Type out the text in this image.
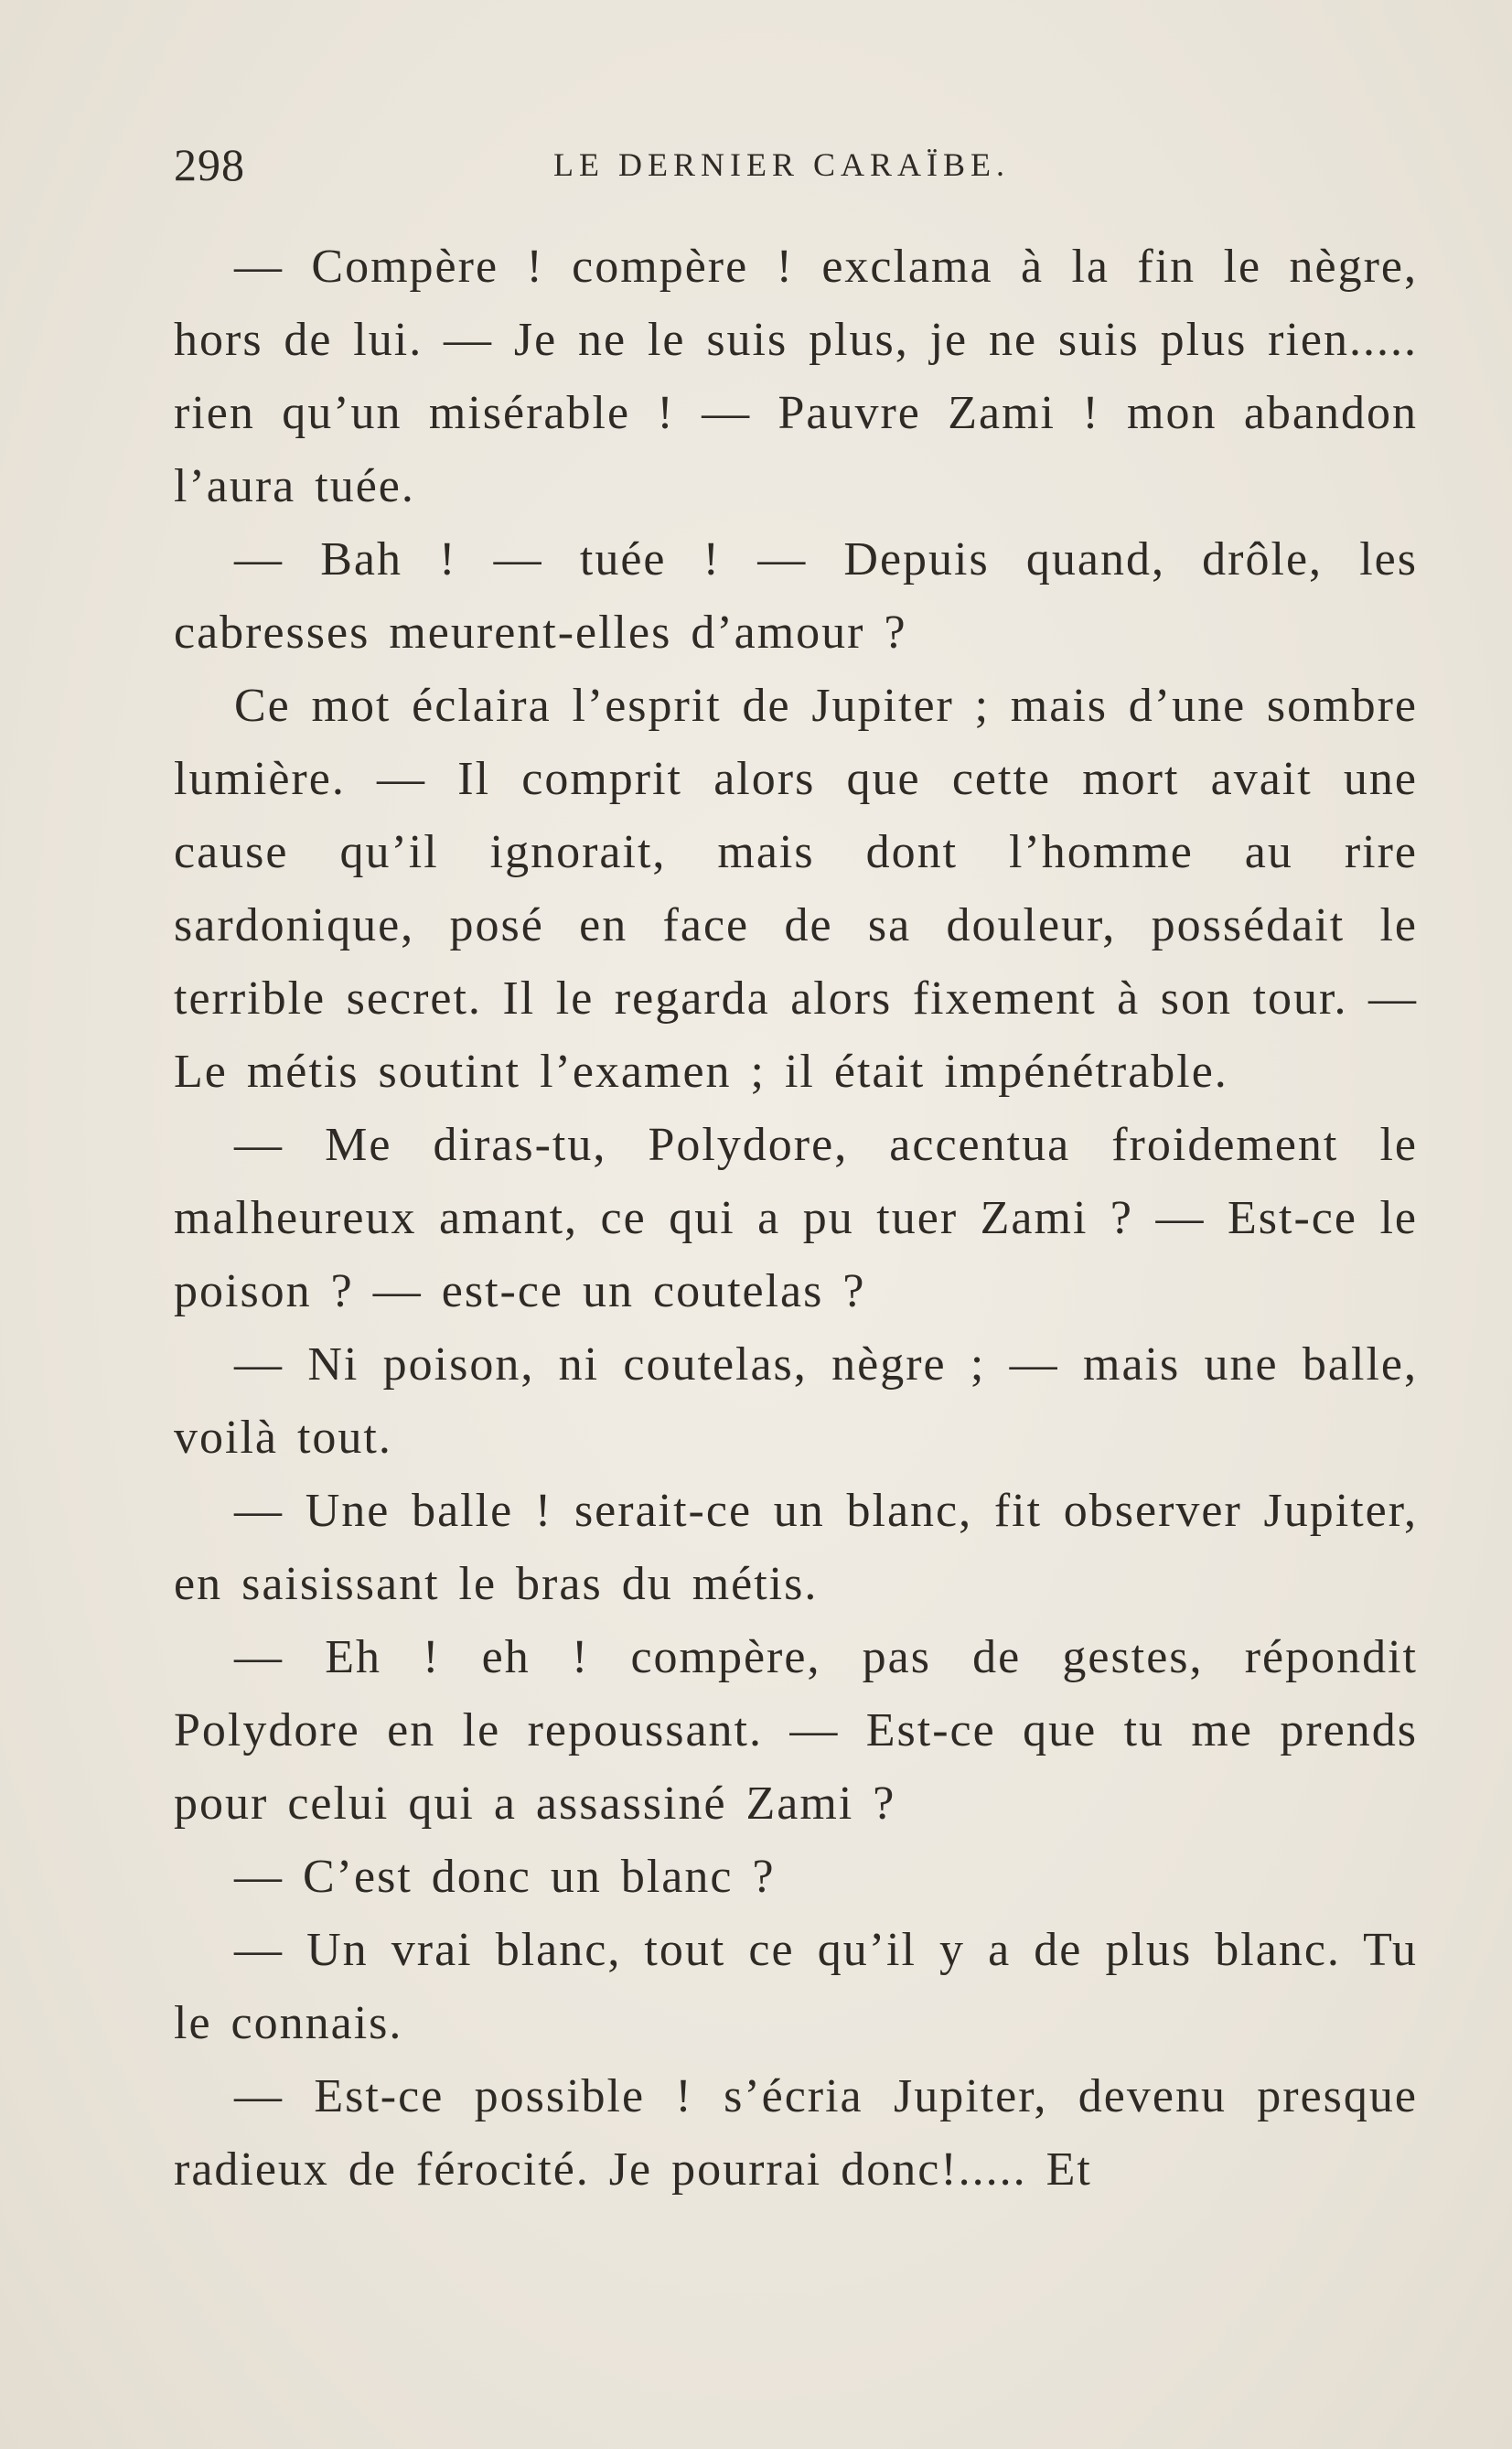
298	LE DERNIER CARAÏBE.

— Compère ! compère ! exclama à la fin le nègre, hors de lui. — Je ne le suis plus, je ne suis plus rien..... rien qu’un misérable ! — Pauvre Zami ! mon abandon l’aura tuée.

— Bah ! — tuée ! — Depuis quand, drôle, les cabresses meurent-elles d’amour ?

Ce mot éclaira l’esprit de Jupiter ; mais d’une sombre lumière. — Il comprit alors que cette mort avait une cause qu’il ignorait, mais dont l’homme au rire sardonique, posé en face de sa douleur, possédait le terrible secret. Il le regarda alors fixement à son tour. — Le métis soutint l’examen ; il était impénétrable.

— Me diras-tu, Polydore, accentua froidement le malheureux amant, ce qui a pu tuer Zami ? — Est-ce le poison ? — est-ce un coutelas ?

— Ni poison, ni coutelas, nègre ; — mais une balle, voilà tout.

— Une balle ! serait-ce un blanc, fit observer Jupiter, en saisissant le bras du métis.

— Eh ! eh ! compère, pas de gestes, répondit Polydore en le repoussant. — Est-ce que tu me prends pour celui qui a assassiné Zami ?

— C’est donc un blanc ?

— Un vrai blanc, tout ce qu’il y a de plus blanc. Tu le connais.

— Est-ce possible ! s’écria Jupiter, devenu presque radieux de férocité. Je pourrai donc!..... Et
